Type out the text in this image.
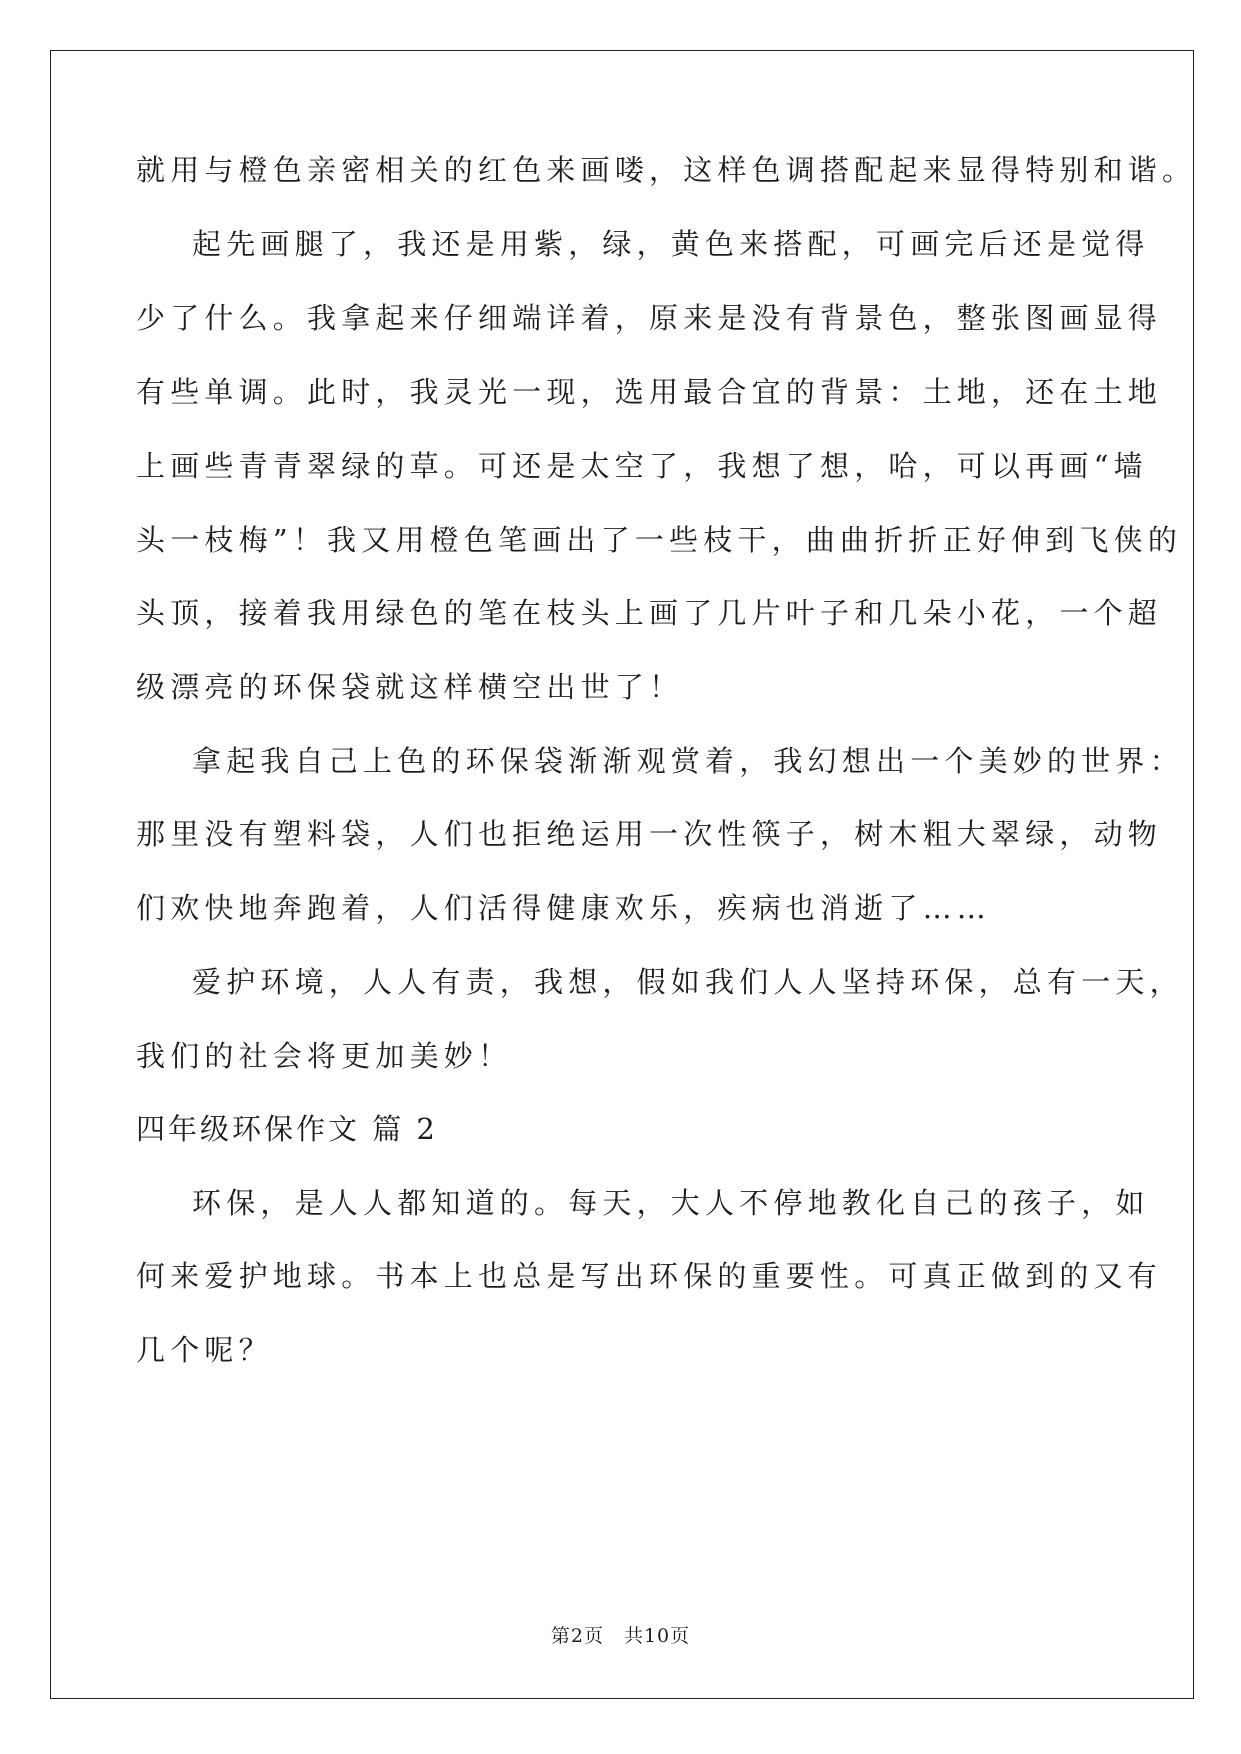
就用与橙色亲密相关的红色来画喽，这样色调搭配起来显得特别和谐。

起先画腿了，我还是用紫，绿，黄色来搭配，可画完后还是觉得

少了什么。我拿起来仔细端详着，原来是没有背景色，整张图画显得

有些单调。此时，我灵光一现，选用最合宜的背景：土地，还在土地

上画些青青翠绿的草。可还是太空了，我想了想，哈，可以再画“墙

头一枝梅”！我又用橙色笔画出了一些枝干，曲曲折折正好伸到飞侠的

头顶，接着我用绿色的笔在枝头上画了几片叶子和几朵小花，一个超

级漂亮的环保袋就这样横空出世了！

拿起我自己上色的环保袋渐渐观赏着，我幻想出一个美妙的世界：

那里没有塑料袋，人们也拒绝运用一次性筷子，树木粗大翠绿，动物

们欢快地奔跑着，人们活得健康欢乐，疾病也消逝了……

爱护环境，人人有责，我想，假如我们人人坚持环保，总有一天，

我们的社会将更加美妙！

四年级环保作文 篇 2

环保，是人人都知道的。每天，大人不停地教化自己的孩子，如

何来爱护地球。书本上也总是写出环保的重要性。可真正做到的又有

几个呢？

第2页　共10页
